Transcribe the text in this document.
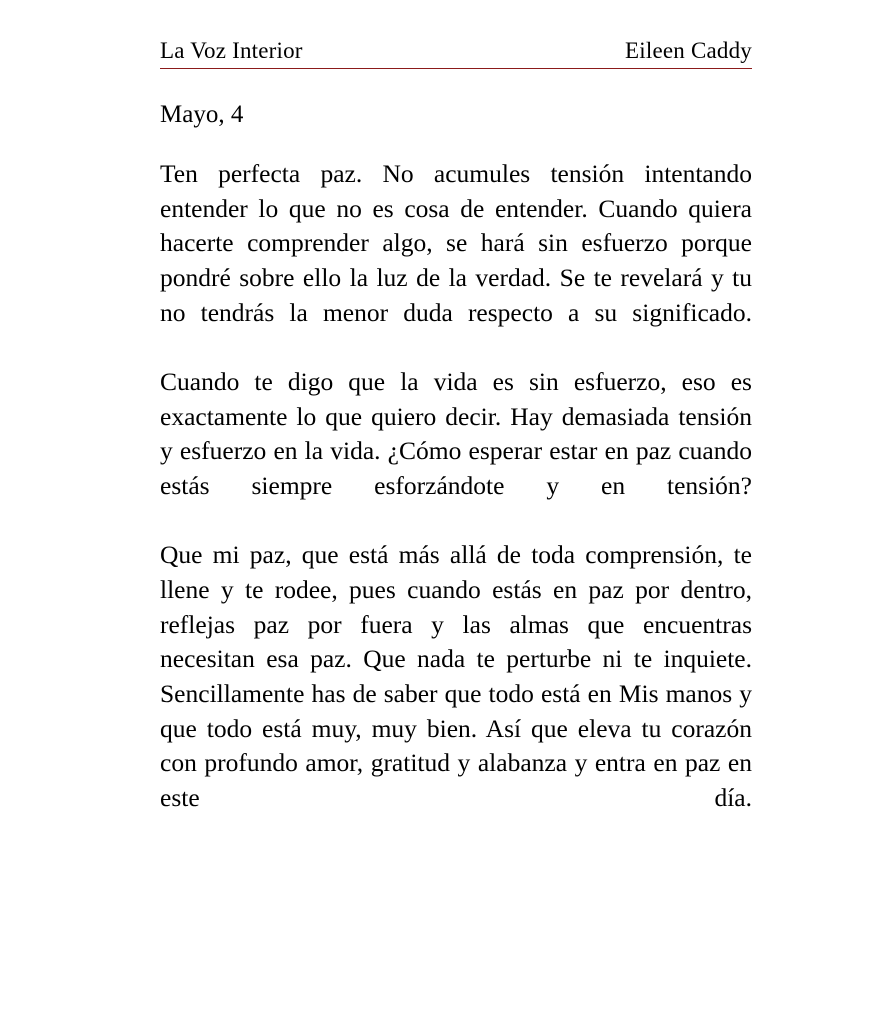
La Voz Interior	Eileen Caddy
Mayo, 4

Ten perfecta paz. No acumules tensión intentando entender lo que no es cosa de entender. Cuando quiera hacerte comprender algo, se hará sin esfuerzo porque pondré sobre ello la luz de la verdad. Se te revelará y tu no tendrás la menor duda respecto a su significado.

Cuando te digo que la vida es sin esfuerzo, eso es exactamente lo que quiero decir. Hay demasiada tensión y esfuerzo en la vida. ¿Cómo esperar estar en paz cuando estás siempre esforzándote y en tensión?

Que mi paz, que está más allá de toda comprensión, te llene y te rodee, pues cuando estás en paz por dentro, reflejas paz por fuera y las almas que encuentras necesitan esa paz. Que nada te perturbe ni te inquiete. Sencillamente has de saber que todo está en Mis manos y que todo está muy, muy bien. Así que eleva tu corazón con profundo amor, gratitud y alabanza y entra en paz en este día.
